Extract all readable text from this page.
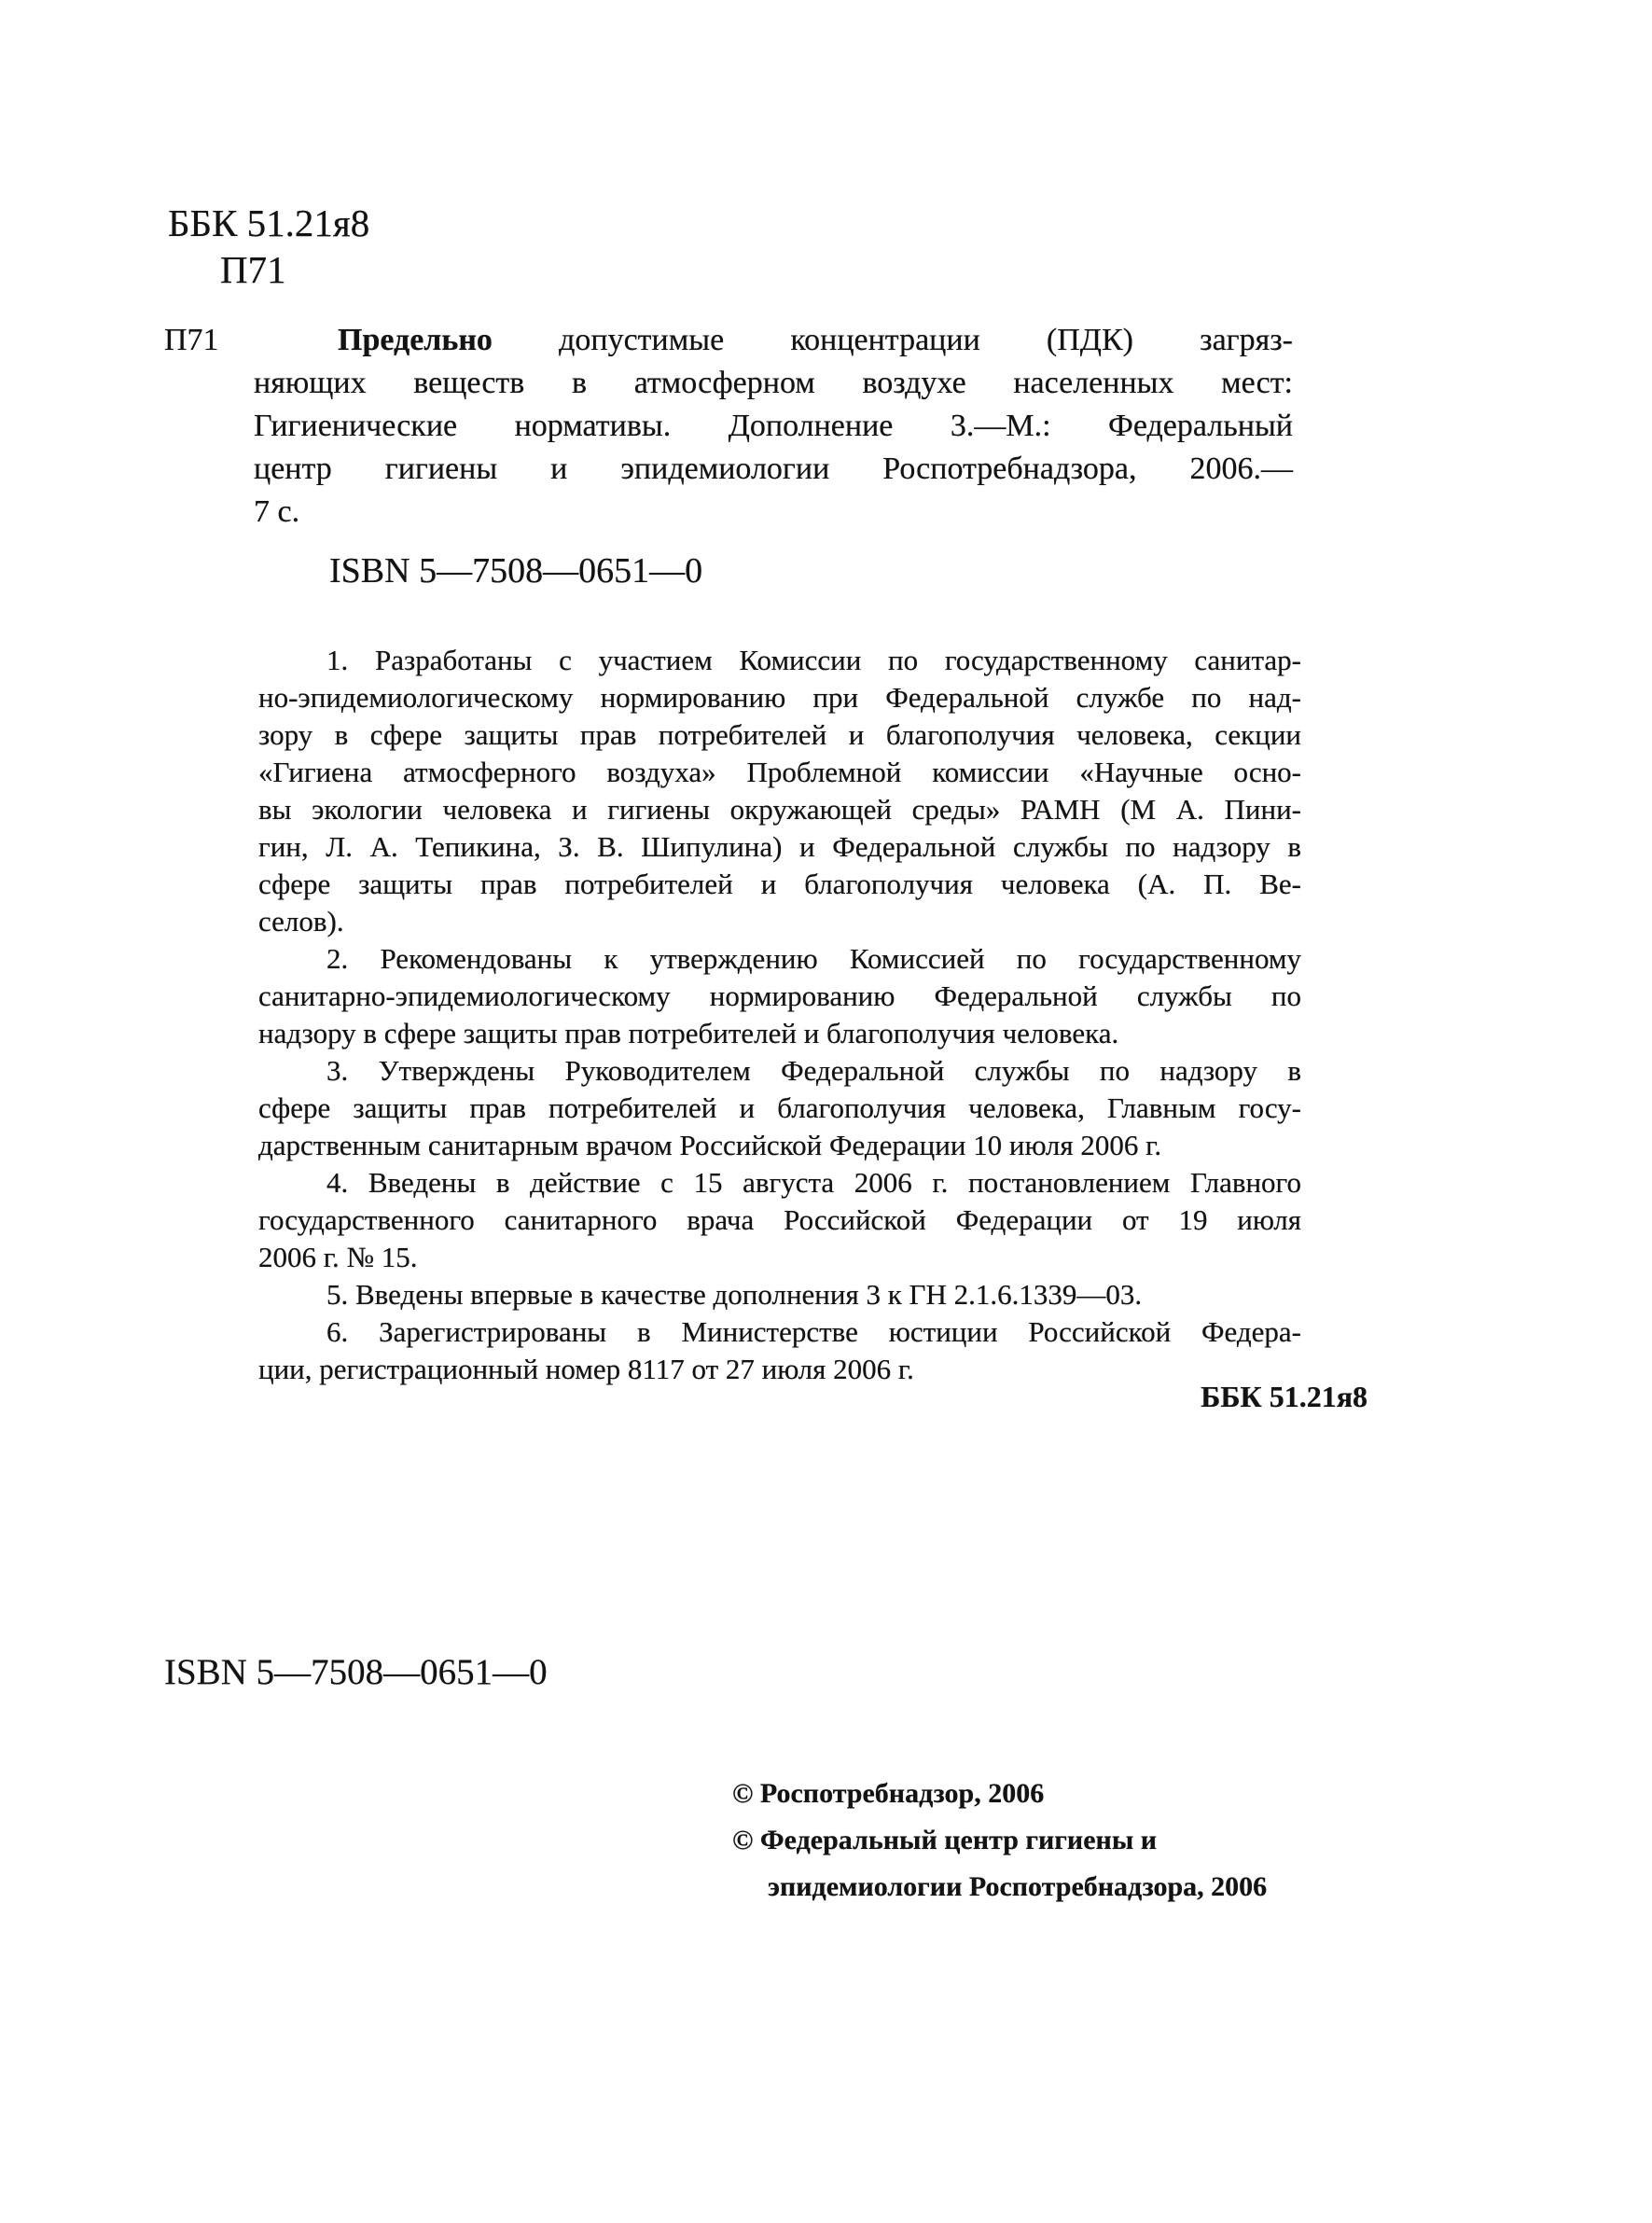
ББК 51.21я8
П71
П71	Предельно допустимые концентрации (ПДК) загряз-
няющих веществ в атмосферном воздухе населенных мест:
Гигиенические нормативы. Дополнение 3.—М.: Федеральный
центр гигиены и эпидемиологии Роспотребнадзора, 2006.—
7 с.
ISBN 5—7508—0651—0
1. Разработаны с участием Комиссии по государственному санитар-
но-эпидемиологическому нормированию при Федеральной службе по над-
зору в сфере защиты прав потребителей и благополучия человека, секции
«Гигиена атмосферного воздуха» Проблемной комиссии «Научные осно-
вы экологии человека и гигиены окружающей среды» РАМН (М А. Пини-
гин, Л. А. Тепикина, З. В. Шипулина) и Федеральной службы по надзору в
сфере защиты прав потребителей и благополучия человека (А. П. Ве-
селов).
2. Рекомендованы к утверждению Комиссией по государственному
санитарно-эпидемиологическому нормированию Федеральной службы по
надзору в сфере защиты прав потребителей и благополучия человека.
3. Утверждены Руководителем Федеральной службы по надзору в
сфере защиты прав потребителей и благополучия человека, Главным госу-
дарственным санитарным врачом Российской Федерации 10 июля 2006 г.
4. Введены в действие с 15 августа 2006 г. постановлением Главного
государственного санитарного врача Российской Федерации от 19 июля
2006 г. № 15.
5. Введены впервые в качестве дополнения 3 к ГН 2.1.6.1339—03.
6. Зарегистрированы в Министерстве юстиции Российской Федера-
ции, регистрационный номер 8117 от 27 июля 2006 г.
ББК 51.21я8
ISBN 5—7508—0651—0
© Роспотребнадзор, 2006
© Федеральный центр гигиены и
эпидемиологии Роспотребнадзора, 2006
